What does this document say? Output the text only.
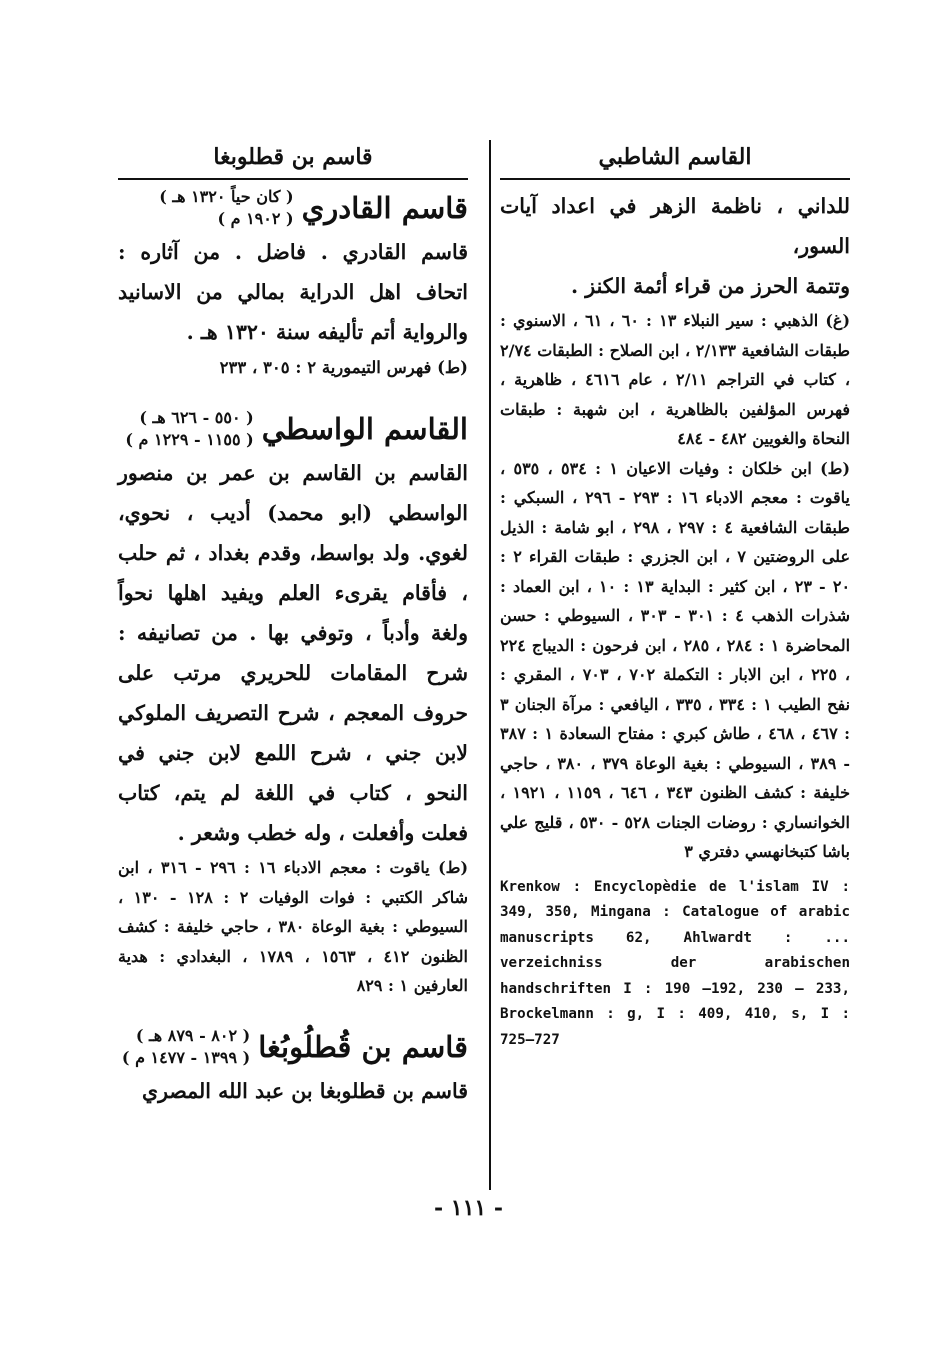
القاسم الشاطبي

للداني ، ناظمة الزهر في اعداد آيات السور،

وتتمة الحرز من قراء أئمة الكنز .

(غ) الذهبي : سير النبلاء ١٣ : ٦٠ ، ٦١ ، الاسنوي : طبقات الشافعية ٢/١٣٣ ، ابن الصلاح : الطبقات ٢/٧٤ ، كتاب في التراجم ٢/١١ ، عام ٤٦١٦ ، ظاهرية ، فهرس المؤلفين بالظاهرية ، ابن شهبة : طبقات النحاة والغويين ٤٨٢ - ٤٨٤

(ط) ابن خلكان : وفيات الاعيان ١ : ٥٣٤ ، ٥٣٥ ، ياقوت : معجم الادباء ١٦ : ٢٩٣ - ٢٩٦ ، السبكي : طبقات الشافعية ٤ : ٢٩٧ ، ٢٩٨ ، ابو شامة : الذيل على الروضتين ٧ ، ابن الجزري : طبقات القراء ٢ : ٢٠ - ٢٣ ، ابن كثير : البداية ١٣ : ١٠ ، ابن العماد : شذرات الذهب ٤ : ٣٠١ - ٣٠٣ ، السيوطي : حسن المحاضرة ١ : ٢٨٤ ، ٢٨٥ ، ابن فرحون : الديباج ٢٢٤ ، ٢٢٥ ، ابن الابار : التكملة ٧٠٢ ، ٧٠٣ ، المقري : نفح الطيب ١ : ٣٣٤ ، ٣٣٥ ، اليافعي : مرآة الجنان ٣ : ٤٦٧ ، ٤٦٨ ، طاش كبري : مفتاح السعادة ١ : ٣٨٧ - ٣٨٩ ، السيوطي : بغية الوعاة ٣٧٩ ، ٣٨٠ ، حاجي خليفة : كشف الظنون ٣٤٣ ، ٦٤٦ ، ١١٥٩ ، ١٩٢١ ، الخوانساري : روضات الجنات ٥٢٨ - ٥٣٠ ، قليج علي باشا كتبخانهسي دفتري ٣

Krenkow : Encyclopèdie de l'islam IV : 349, 350, Mingana : Catalogue of arabic manuscripts 62, Ahlwardt : ... verzeichniss der arabischen handschriften I : 190 —192, 230 — 233, Brockelmann : g, I : 409, 410, s, I : 725—727
قاسم بن قطلوبغا
قاسم القادري
( كان حياً ١٣٢٠ هـ )
( ١٩٠٢ م )

قاسم القادري . فاضل . من آثاره : اتحاف اهل الدراية بمالي من الاسانيد والرواية أتم تأليفه سنة ١٣٢٠ هـ .

(ط) فهرس التيمورية ٢ : ٣٠٥ ، ٢٣٣

القاسم الواسطي
( ٥٥٠ - ٦٢٦ هـ )
( ١١٥٥ - ١٢٢٩ م )

القاسم بن القاسم بن عمر بن منصور الواسطي (ابو محمد) أديب ، نحوي، لغوي. ولد بواسط، وقدم بغداد ، ثم حلب ، فأقام يقرىء العلم ويفيد اهلها نحواً ولغة وأدباً ، وتوفي بها . من تصانيفه : شرح المقامات للحريري مرتب على حروف المعجم ، شرح التصريف الملوكي لابن جني ، شرح اللمع لابن جني في النحو ، كتاب في اللغة لم يتم، كتاب فعلت وأفعلت ، وله خطب وشعر .

(ط) ياقوت : معجم الادباء ١٦ : ٢٩٦ - ٣١٦ ، ابن شاكر الكتبي : فوات الوفيات ٢ : ١٢٨ - ١٣٠ ، السيوطي : بغية الوعاة ٣٨٠ ، حاجي خليفة : كشف الظنون ٤١٢ ، ١٥٦٣ ، ١٧٨٩ ، البغدادي : هدية العارفين ١ : ٨٢٩

قاسم بن قُطلُوبُغا
( ٨٠٢ - ٨٧٩ هـ )
( ١٣٩٩ - ١٤٧٧ م )

قاسم بن قطلوبغا بن عبد الله المصري

- ١١١ -
